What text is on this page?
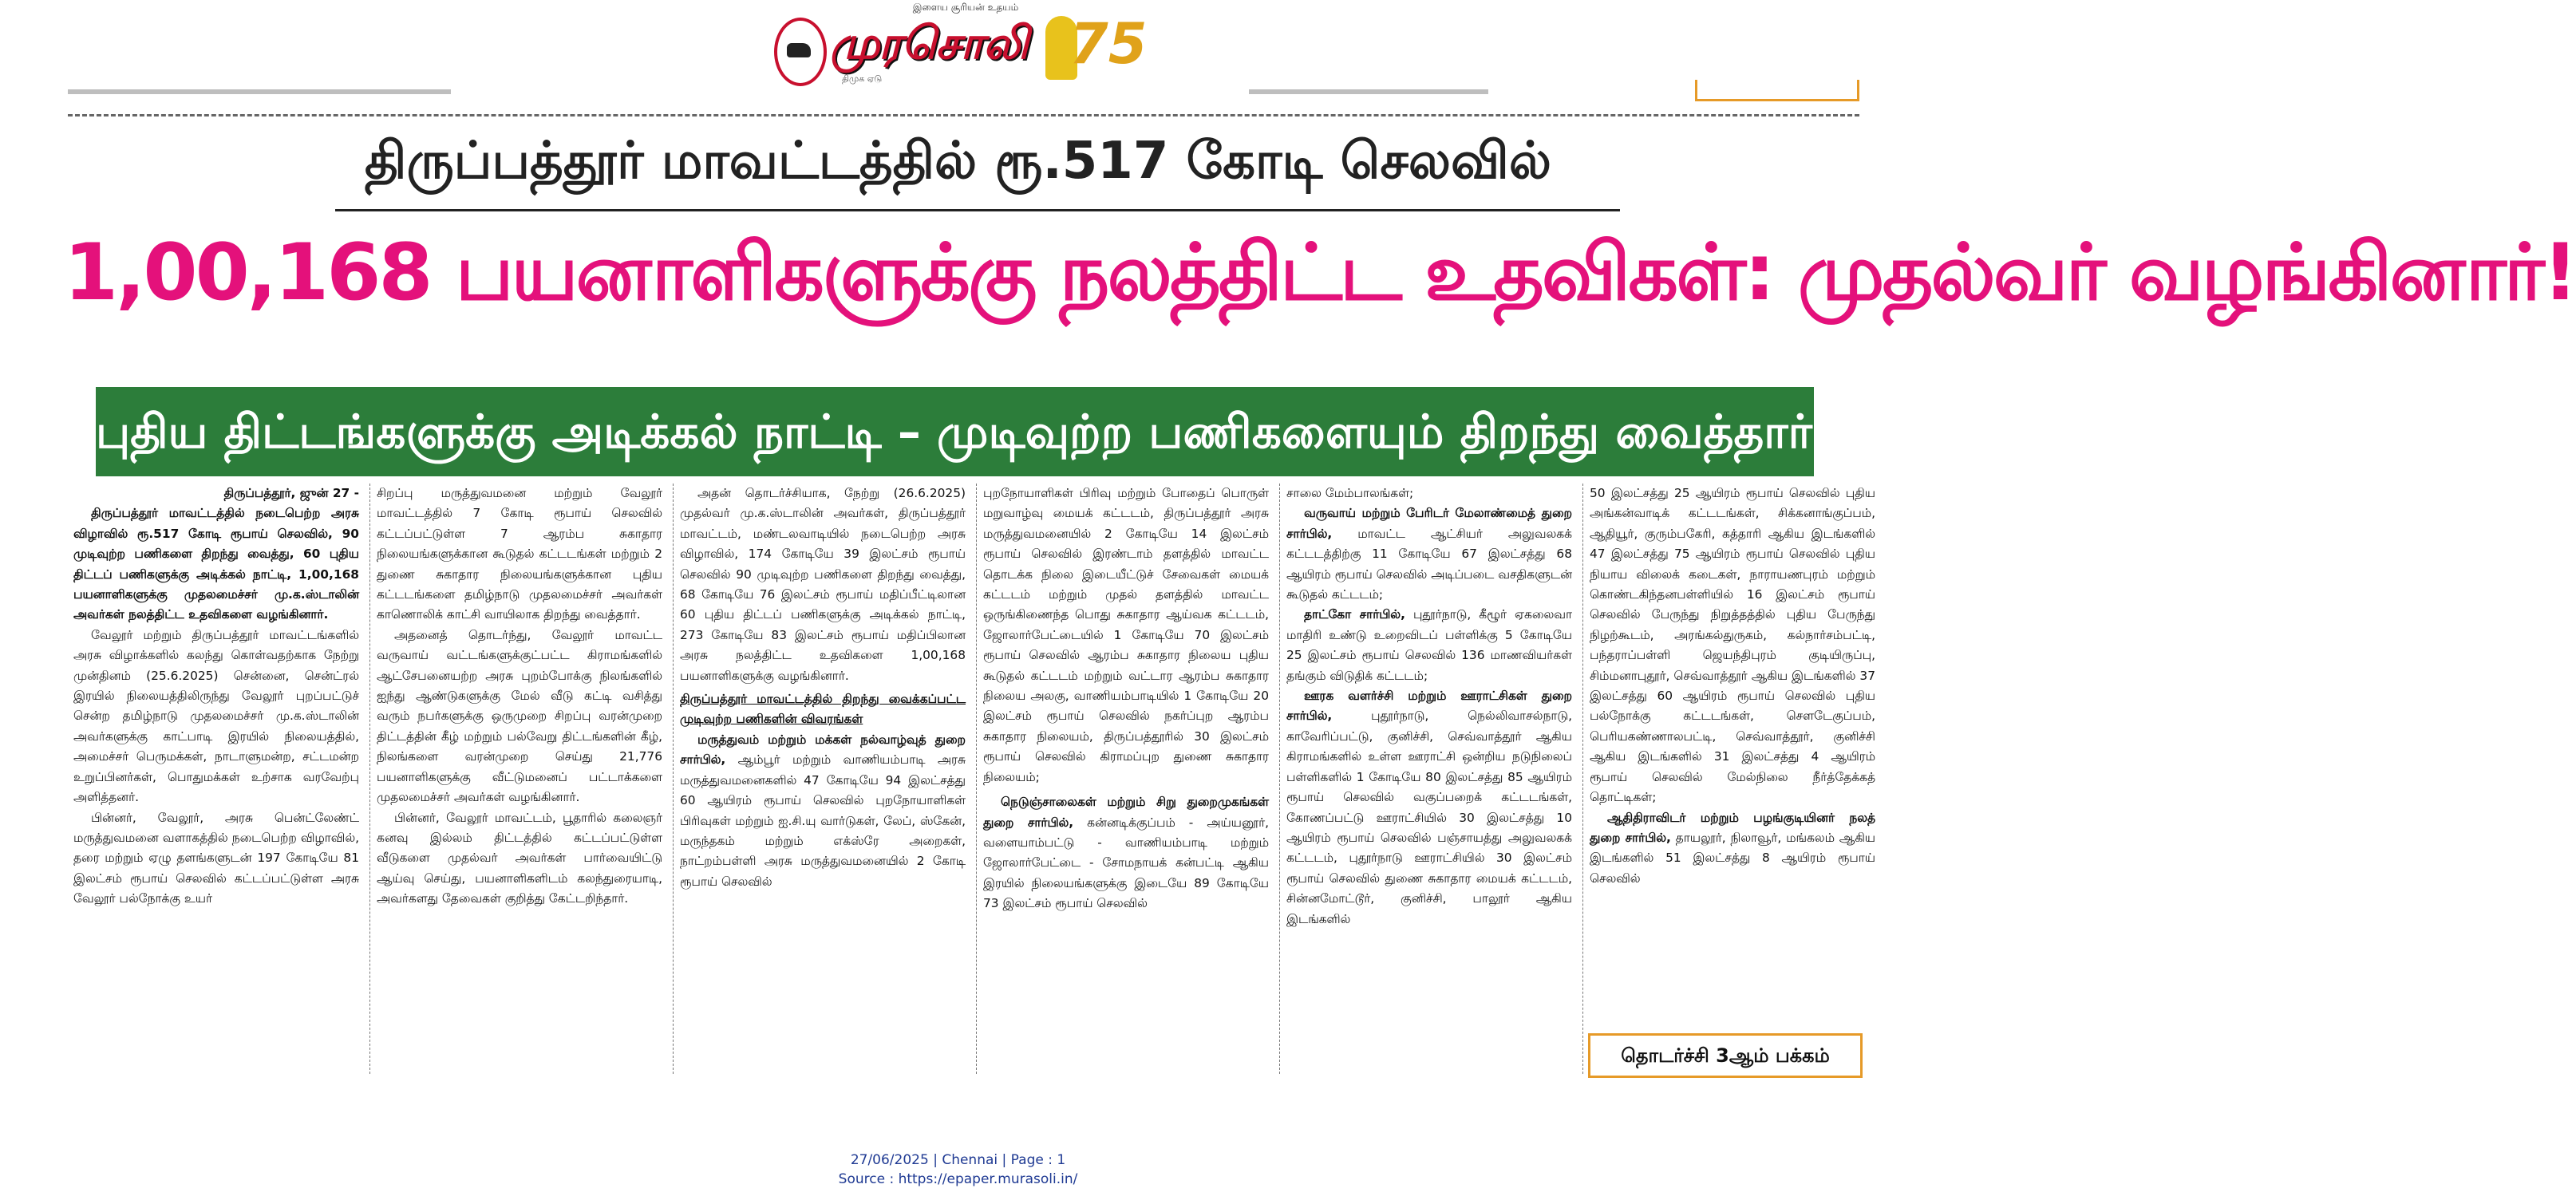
இளைய சூரியன் உதயம்
முரசொலி
திமுக ஏடு
75
திருப்பத்தூர் மாவட்டத்தில் ரூ.517 கோடி செலவில்
1,00,168 பயனாளிகளுக்கு நலத்திட்ட உதவிகள்: முதல்வர் வழங்கினார்!
புதிய திட்டங்களுக்கு அடிக்கல் நாட்டி – முடிவுற்ற பணிகளையும் திறந்து வைத்தார்!

திருப்பத்தூர், ஜுன் 27 -

திருப்பத்தூர் மாவட்டத்தில் நடைபெற்ற அரசு விழாவில் ரூ.517 கோடி ரூபாய் செலவில், 90 முடிவுற்ற பணிகளை திறந்து வைத்து, 60 புதிய திட்டப் பணிகளுக்கு அடிக்கல் நாட்டி, 1,00,168 பயனாளிகளுக்கு முதலமைச்சர் மு.க.ஸ்டாலின் அவர்கள் நலத்திட்ட உதவிகளை வழங்கினார்.

வேலூர் மற்றும் திருப்பத்தூர் மாவட்டங்களில் அரசு விழாக்களில் கலந்து கொள்வதற்காக நேற்று முன்தினம் (25.6.2025) சென்னை, சென்ட்ரல் இரயில் நிலையத்திலிருந்து வேலூர் புறப்பட்டுச் சென்ற தமிழ்நாடு முதலமைச்சர் மு.க.ஸ்டாலின் அவர்களுக்கு காட்பாடி இரயில் நிலையத்தில், அமைச்சர் பெருமக்கள், நாடாளுமன்ற, சட்டமன்ற உறுப்பினர்கள், பொதுமக்கள் உற்சாக வரவேற்பு அளித்தனர்.

பின்னர், வேலூர், அரசு பென்ட்லேண்ட் மருத்துவமனை வளாகத்தில் நடைபெற்ற விழாவில், தரை மற்றும் ஏழு தளங்களுடன் 197 கோடியே 81 இலட்சம் ரூபாய் செலவில் கட்டப்பட்டுள்ள அரசு வேலூர் பல்நோக்கு உயர்

சிறப்பு மருத்துவமனை மற்றும் வேலூர் மாவட்டத்தில் 7 கோடி ரூபாய் செலவில் கட்டப்பட்டுள்ள 7 ஆரம்ப சுகாதார நிலையங்களுக்கான கூடுதல் கட்டடங்கள் மற்றும் 2 துணை சுகாதார நிலையங்களுக்கான புதிய கட்டடங்களை தமிழ்நாடு முதலமைச்சர் அவர்கள் காணொலிக் காட்சி வாயிலாக திறந்து வைத்தார்.

அதனைத் தொடர்ந்து, வேலூர் மாவட்ட வருவாய் வட்டங்களுக்குட்பட்ட கிராமங்களில் ஆட்சேபனையற்ற அரசு புறம்போக்கு நிலங்களில் ஐந்து ஆண்டுகளுக்கு மேல் வீடு கட்டி வசித்து வரும் நபர்களுக்கு ஒருமுறை சிறப்பு வரன்முறை திட்டத்தின் கீழ் மற்றும் பல்வேறு திட்டங்களின் கீழ், நிலங்களை வரன்முறை செய்து 21,776 பயனாளிகளுக்கு வீட்டுமனைப் பட்டாக்களை முதலமைச்சர் அவர்கள் வழங்கினார்.

பின்னர், வேலூர் மாவட்டம், பூதாரில் கலைஞர் கனவு இல்லம் திட்டத்தில் கட்டப்பட்டுள்ள வீடுகளை முதல்வர் அவர்கள் பார்வையிட்டு ஆய்வு செய்து, பயனாளிகளிடம் கலந்துரையாடி, அவர்களது தேவைகள் குறித்து கேட்டறிந்தார்.

அதன் தொடர்ச்சியாக, நேற்று (26.6.2025) முதல்வர் மு.க.ஸ்டாலின் அவர்கள், திருப்பத்தூர் மாவட்டம், மண்டலவாடியில் நடைபெற்ற அரசு விழாவில், 174 கோடியே 39 இலட்சம் ரூபாய் செலவில் 90 முடிவுற்ற பணிகளை திறந்து வைத்து, 68 கோடியே 76 இலட்சம் ரூபாய் மதிப்பீட்டிலான 60 புதிய திட்டப் பணிகளுக்கு அடிக்கல் நாட்டி, 273 கோடியே 83 இலட்சம் ரூபாய் மதிப்பிலான அரசு நலத்திட்ட உதவிகளை 1,00,168 பயனாளிகளுக்கு வழங்கினார்.

திருப்பத்தூர் மாவட்டத்தில் திறந்து வைக்கப்பட்ட முடிவுற்ற பணிகளின் விவரங்கள்

மருத்துவம் மற்றும் மக்கள் நல்வாழ்வுத் துறை சார்பில், ஆம்பூர் மற்றும் வாணியம்பாடி அரசு மருத்துவமனைகளில் 47 கோடியே 94 இலட்சத்து 60 ஆயிரம் ரூபாய் செலவில் புறநோயாளிகள் பிரிவுகள் மற்றும் ஐ.சி.யு வார்டுகள், லேப், ஸ்கேன், மருந்தகம் மற்றும் எக்ஸ்ரே அறைகள், நாட்றம்பள்ளி அரசு மருத்துவமனையில் 2 கோடி ரூபாய் செலவில்

புறநோயாளிகள் பிரிவு மற்றும் போதைப் பொருள் மறுவாழ்வு மையக் கட்டடம், திருப்பத்தூர் அரசு மருத்துவமனையில் 2 கோடியே 14 இலட்சம் ரூபாய் செலவில் இரண்டாம் தளத்தில் மாவட்ட தொடக்க நிலை இடையீட்டுச் சேவைகள் மையக் கட்டடம் மற்றும் முதல் தளத்தில் மாவட்ட ஒருங்கிணைந்த பொது சுகாதார ஆய்வக கட்டடம், ஜோலார்பேட்டையில் 1 கோடியே 70 இலட்சம் ரூபாய் செலவில் ஆரம்ப சுகாதார நிலைய புதிய கூடுதல் கட்டடம் மற்றும் வட்டார ஆரம்ப சுகாதார நிலைய அலகு, வாணியம்பாடியில் 1 கோடியே 20 இலட்சம் ரூபாய் செலவில் நகர்ப்புற ஆரம்ப சுகாதார நிலையம், திருப்பத்தூரில் 30 இலட்சம் ரூபாய் செலவில் கிராமப்புற துணை சுகாதார நிலையம்;

நெடுஞ்சாலைகள் மற்றும் சிறு துறைமுகங்கள் துறை சார்பில், கன்னடிக்குப்பம் - அய்யனூர், வளையாம்பட்டு - வாணியம்பாடி மற்றும் ஜோலார்பேட்டை - சோமநாயக் கன்பட்டி ஆகிய இரயில் நிலையங்களுக்கு இடையே 89 கோடியே 73 இலட்சம் ரூபாய் செலவில்

சாலை மேம்பாலங்கள்;

வருவாய் மற்றும் பேரிடர் மேலாண்மைத் துறை சார்பில், மாவட்ட ஆட்சியர் அலுவலகக் கட்டடத்திற்கு 11 கோடியே 67 இலட்சத்து 68 ஆயிரம் ரூபாய் செலவில் அடிப்படை வசதிகளுடன் கூடுதல் கட்டடம்;

தாட்கோ சார்பில், புதூர்நாடு, கீழூர் ஏகலைவா மாதிரி உண்டு உறைவிடப் பள்ளிக்கு 5 கோடியே 25 இலட்சம் ரூபாய் செலவில் 136 மாணவியர்கள் தங்கும் விடுதிக் கட்டடம்;

ஊரக வளர்ச்சி மற்றும் ஊராட்சிகள் துறை சார்பில்,	புதூர்நாடு, நெல்லிவாசல்நாடு, காவேரிப்பட்டு, குனிச்சி, செவ்வாத்தூர் ஆகிய கிராமங்களில் உள்ள ஊராட்சி ஒன்றிய நடுநிலைப் பள்ளிகளில் 1 கோடியே 80 இலட்சத்து 85 ஆயிரம் ரூபாய் செலவில் வகுப்பறைக் கட்டடங்கள், கோணப்பட்டு ஊராட்சியில் 30 இலட்சத்து 10 ஆயிரம் ரூபாய் செலவில் பஞ்சாயத்து அலுவலகக் கட்டடம், புதூர்நாடு ஊராட்சியில் 30 இலட்சம் ரூபாய் செலவில் துணை சுகாதார மையக் கட்டடம், சின்னமோட்டூர், குனிச்சி, பாலூர் ஆகிய இடங்களில்

50 இலட்சத்து 25 ஆயிரம் ரூபாய் செலவில் புதிய அங்கன்வாடிக் கட்டடங்கள், சிக்கனாங்குப்பம், ஆதியூர், குரும்பகேரி, கத்தாரி ஆகிய இடங்களில் 47 இலட்சத்து 75 ஆயிரம் ரூபாய் செலவில் புதிய நியாய விலைக் கடைகள், நாராயணபுரம் மற்றும் கொண்டகிந்தனபள்ளியில் 16 இலட்சம் ரூபாய் செலவில் பேருந்து நிறுத்தத்தில் புதிய பேருந்து நிழற்கூடம், அரங்கல்துருகம், கல்நார்சம்பட்டி, பந்தராப்பள்ளி ஜெயந்திபுரம் குடியிருப்பு, சிம்மனாபுதூர், செவ்வாத்தூர் ஆகிய இடங்களில் 37 இலட்சத்து 60 ஆயிரம் ரூபாய் செலவில் புதிய பல்நோக்கு கட்டடங்கள், சௌடேகுப்பம், பெரியகண்ணாலபட்டி, செவ்வாத்தூர், குனிச்சி ஆகிய இடங்களில் 31 இலட்சத்து 4 ஆயிரம் ரூபாய் செலவில் மேல்நிலை நீர்த்தேக்கத் தொட்டிகள்;

ஆதிதிராவிடர் மற்றும் பழங்குடியினர் நலத் துறை சார்பில், தாயலூர், நிலாவூர், மங்கலம் ஆகிய இடங்களில் 51 இலட்சத்து 8 ஆயிரம் ரூபாய் செலவில்

தொடர்ச்சி 3ஆம் பக்கம்
27/06/2025 | Chennai | Page : 1
Source : https://epaper.murasoli.in/
